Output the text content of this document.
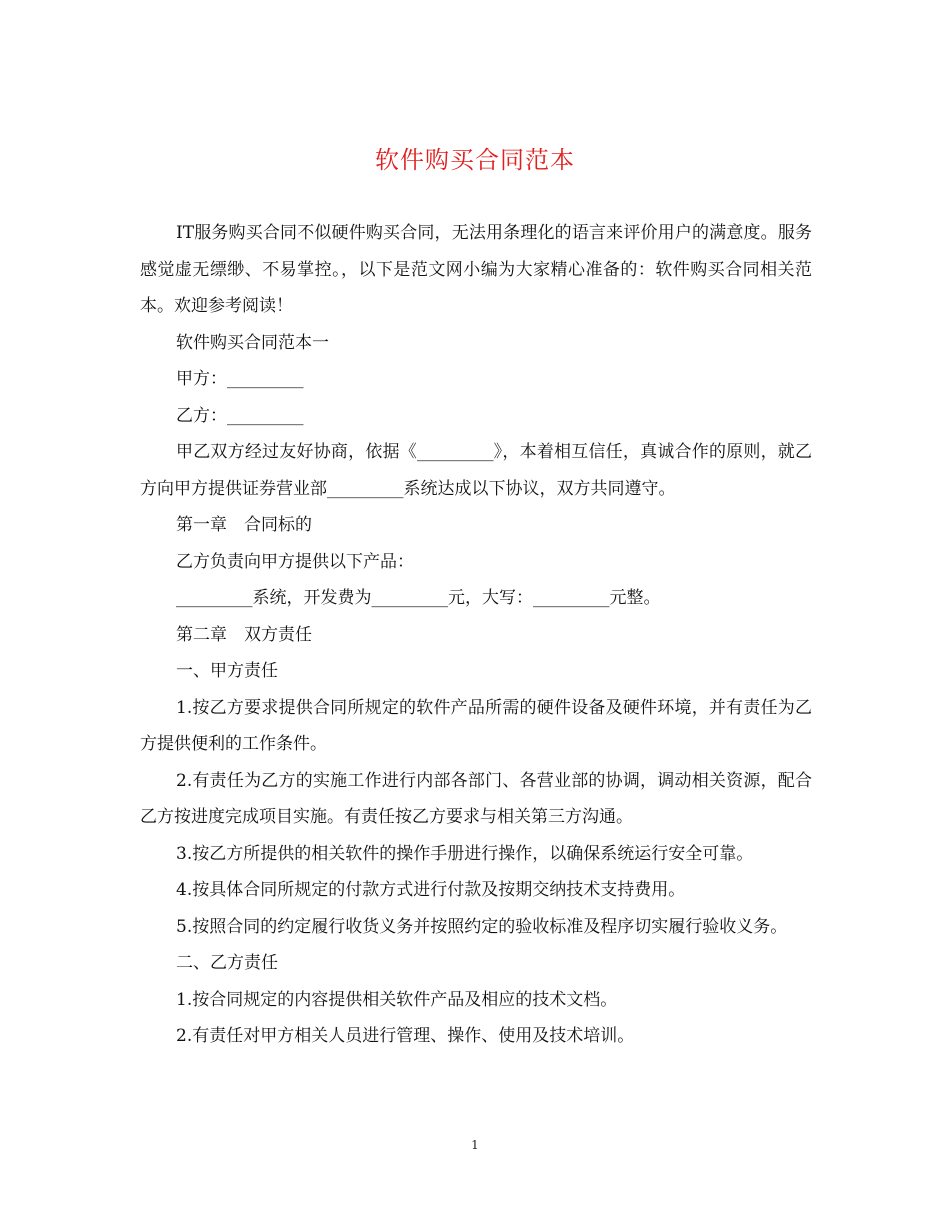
软件购买合同范本

IT服务购买合同不似硬件购买合同，无法用条理化的语言来评价用户的满意度。服务感觉虚无缥缈、不易掌控。，以下是范文网小编为大家精心准备的：软件购买合同相关范本。欢迎参考阅读！

软件购买合同范本一

甲方：_________

乙方：_________

甲乙双方经过友好协商，依据《_________》，本着相互信任，真诚合作的原则，就乙方向甲方提供证券营业部_________系统达成以下协议，双方共同遵守。

第一章　合同标的

乙方负责向甲方提供以下产品：

_________系统，开发费为_________元，大写：_________元整。

第二章　双方责任

一、甲方责任

1.按乙方要求提供合同所规定的软件产品所需的硬件设备及硬件环境，并有责任为乙方提供便利的工作条件。

2.有责任为乙方的实施工作进行内部各部门、各营业部的协调，调动相关资源，配合乙方按进度完成项目实施。有责任按乙方要求与相关第三方沟通。

3.按乙方所提供的相关软件的操作手册进行操作，以确保系统运行安全可靠。

4.按具体合同所规定的付款方式进行付款及按期交纳技术支持费用。

5.按照合同的约定履行收货义务并按照约定的验收标准及程序切实履行验收义务。

二、乙方责任

1.按合同规定的内容提供相关软件产品及相应的技术文档。

2.有责任对甲方相关人员进行管理、操作、使用及技术培训。

1
